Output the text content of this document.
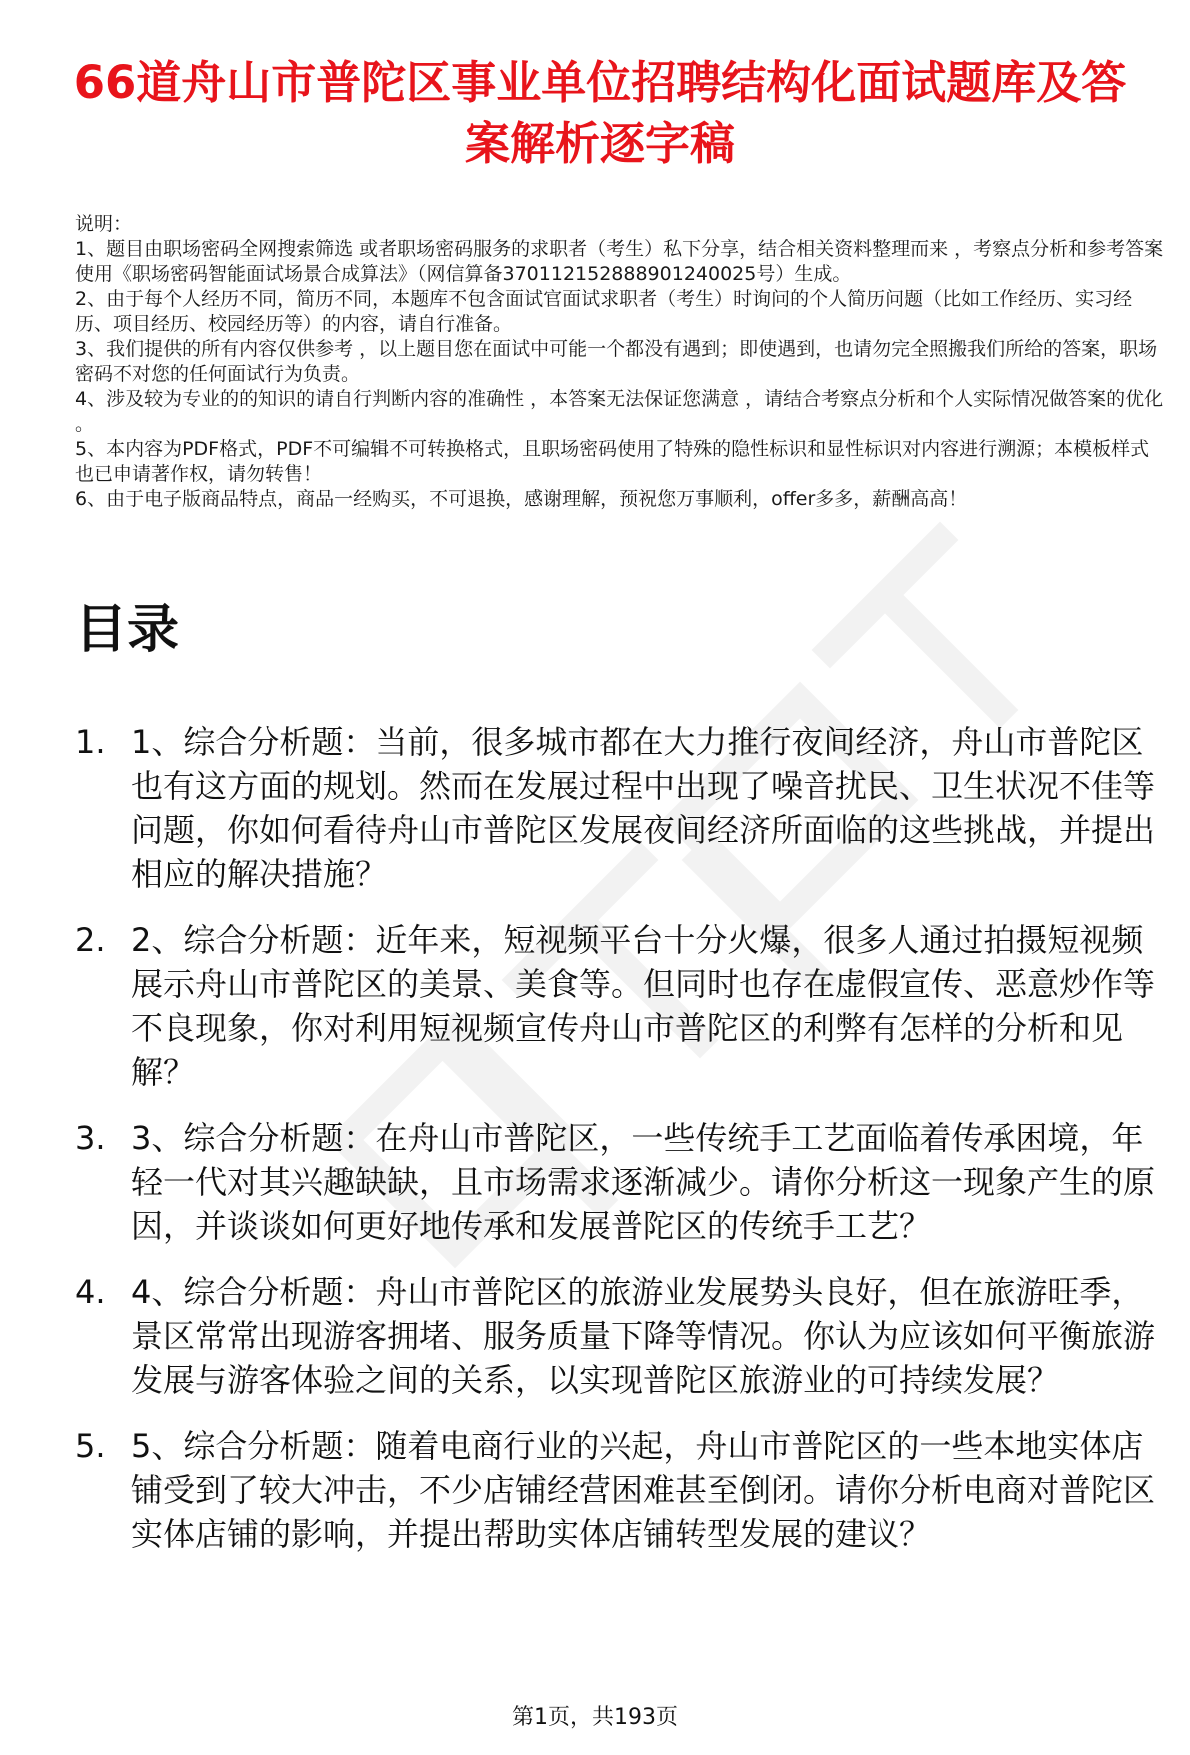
66道舟山市普陀区事业单位招聘结构化面试题库及答案解析逐字稿

说明：

1、题目由职场密码全网搜索筛选 或者职场密码服务的求职者（考生）私下分享，结合相关资料整理而来 ，考察点分析和参考答案使用《职场密码智能面试场景合成算法》（网信算备370112152888901240025号）生成。

2、由于每个人经历不同，简历不同，本题库不包含面试官面试求职者（考生）时询问的个人简历问题（比如工作经历、实习经历、项目经历、校园经历等）的内容，请自行准备。

3、我们提供的所有内容仅供参考 ，以上题目您在面试中可能一个都没有遇到；即使遇到，也请勿完全照搬我们所给的答案，职场密码不对您的任何面试行为负责。

4、涉及较为专业的的知识的请自行判断内容的准确性 ，本答案无法保证您满意 ，请结合考察点分析和个人实际情况做答案的优化 。

5、本内容为PDF格式，PDF不可编辑不可转换格式，且职场密码使用了特殊的隐性标识和显性标识对内容进行溯源；本模板样式也已申请著作权，请勿转售！

6、由于电子版商品特点，商品一经购买，不可退换，感谢理解，预祝您万事顺利，offer多多，薪酬高高！

目录
1. 1、综合分析题：当前，很多城市都在大力推行夜间经济，舟山市普陀区也有这方面的规划。然而在发展过程中出现了噪音扰民、卫生状况不佳等问题，你如何看待舟山市普陀区发展夜间经济所面临的这些挑战，并提出相应的解决措施？
2. 2、综合分析题：近年来，短视频平台十分火爆，很多人通过拍摄短视频展示舟山市普陀区的美景、美食等。但同时也存在虚假宣传、恶意炒作等不良现象，你对利用短视频宣传舟山市普陀区的利弊有怎样的分析和见解？
3. 3、综合分析题：在舟山市普陀区，一些传统手工艺面临着传承困境，年轻一代对其兴趣缺缺，且市场需求逐渐减少。请你分析这一现象产生的原因，并谈谈如何更好地传承和发展普陀区的传统手工艺？
4. 4、综合分析题：舟山市普陀区的旅游业发展势头良好，但在旅游旺季，景区常常出现游客拥堵、服务质量下降等情况。你认为应该如何平衡旅游发展与游客体验之间的关系，以实现普陀区旅游业的可持续发展？
5. 5、综合分析题：随着电商行业的兴起，舟山市普陀区的一些本地实体店铺受到了较大冲击，不少店铺经营困难甚至倒闭。请你分析电商对普陀区实体店铺的影响，并提出帮助实体店铺转型发展的建议？
第1页，共193页
